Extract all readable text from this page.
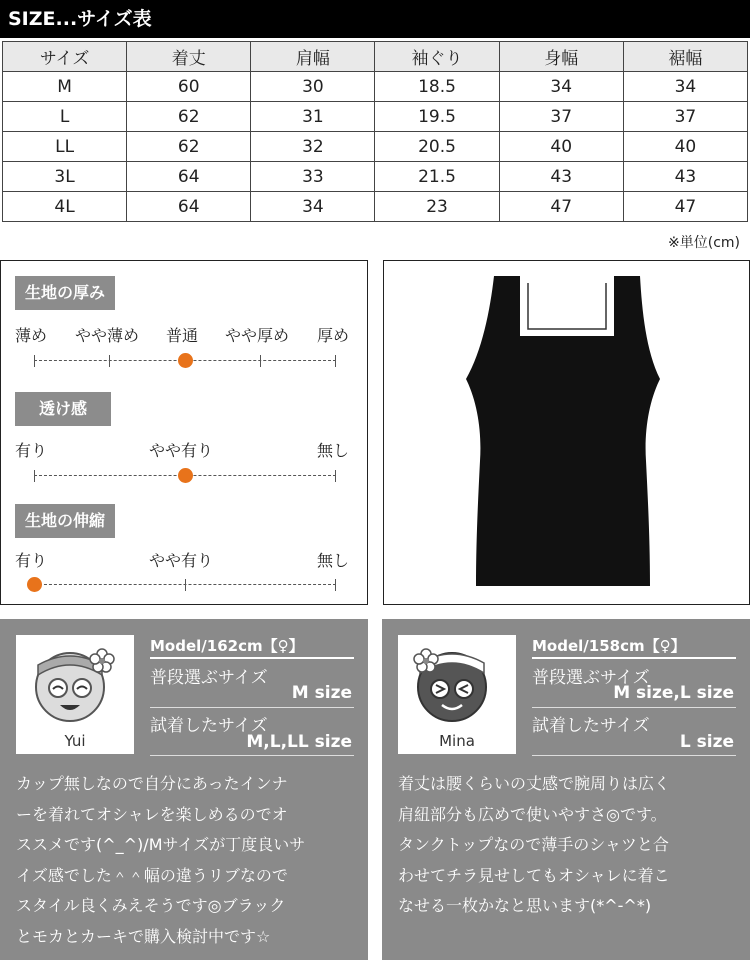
SIZE...サイズ表
サイズ	着丈	肩幅	袖ぐり	身幅	裾幅
M	60	30	18.5	34	34
L	62	31	19.5	37	37
LL	62	32	20.5	40	40
3L	64	33	21.5	43	43
4L	64	34	23	47	47
※単位(cm)
生地の厚み
薄め やや薄め 普通 やや厚め 厚め
透け感
有り	やや有り	無し
生地の伸縮
有り	やや有り	無し
Yui
Model/162cm【♀】
普段選ぶサイズ
M size
試着したサイズ
M,L,LL size
カップ無しなので自分にあったインナ
ーを着れてオシャレを楽しめるのでオ
ススメです(^_^)/Mサイズが丁度良いサ
イズ感でした＾＾幅の違うリブなので
スタイル良くみえそうです◎ブラック
とモカとカーキで購入検討中です☆
Mina
Model/158cm【♀】
普段選ぶサイズ
M size,L size
試着したサイズ
L size
着丈は腰くらいの丈感で腕周りは広く
肩紐部分も広めで使いやすさ◎です。
タンクトップなので薄手のシャツと合
わせてチラ見せしてもオシャレに着こ
なせる一枚かなと思います(*^-^*)
